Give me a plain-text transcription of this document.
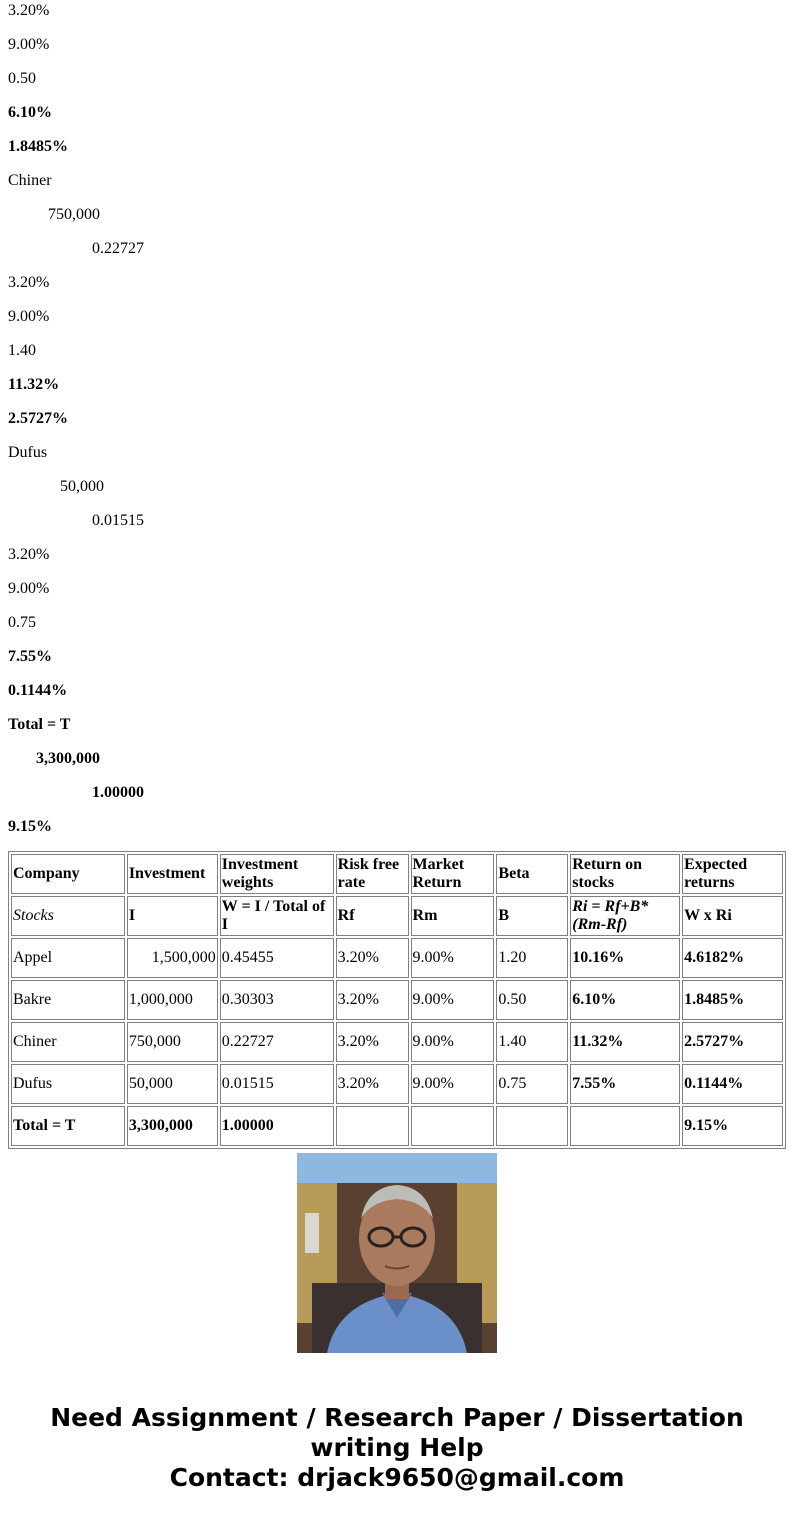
3.20%
9.00%
0.50
6.10%
1.8485%
Chiner
750,000
0.22727
3.20%
9.00%
1.40
11.32%
2.5727%
Dufus
50,000
0.01515
3.20%
9.00%
0.75
7.55%
0.1144%
Total = T
3,300,000
1.00000
9.15%
Company	Investment	Investment weights	Risk free rate	Market Return	Beta	Return on stocks	Expected returns
Stocks	I	W = I / Total of I	Rf	Rm	B	Ri = Rf+B*(Rm-Rf)	W x Ri
Appel	1,500,000	0.45455	3.20%	9.00%	1.20	10.16%	4.6182%
Bakre	1,000,000	0.30303	3.20%	9.00%	0.50	6.10%	1.8485%
Chiner	750,000	0.22727	3.20%	9.00%	1.40	11.32%	2.5727%
Dufus	50,000	0.01515	3.20%	9.00%	0.75	7.55%	0.1144%
Total = T	3,300,000	1.00000					9.15%
Need Assignment / Research Paper / Dissertation
writing Help
Contact: drjack9650@gmail.com
